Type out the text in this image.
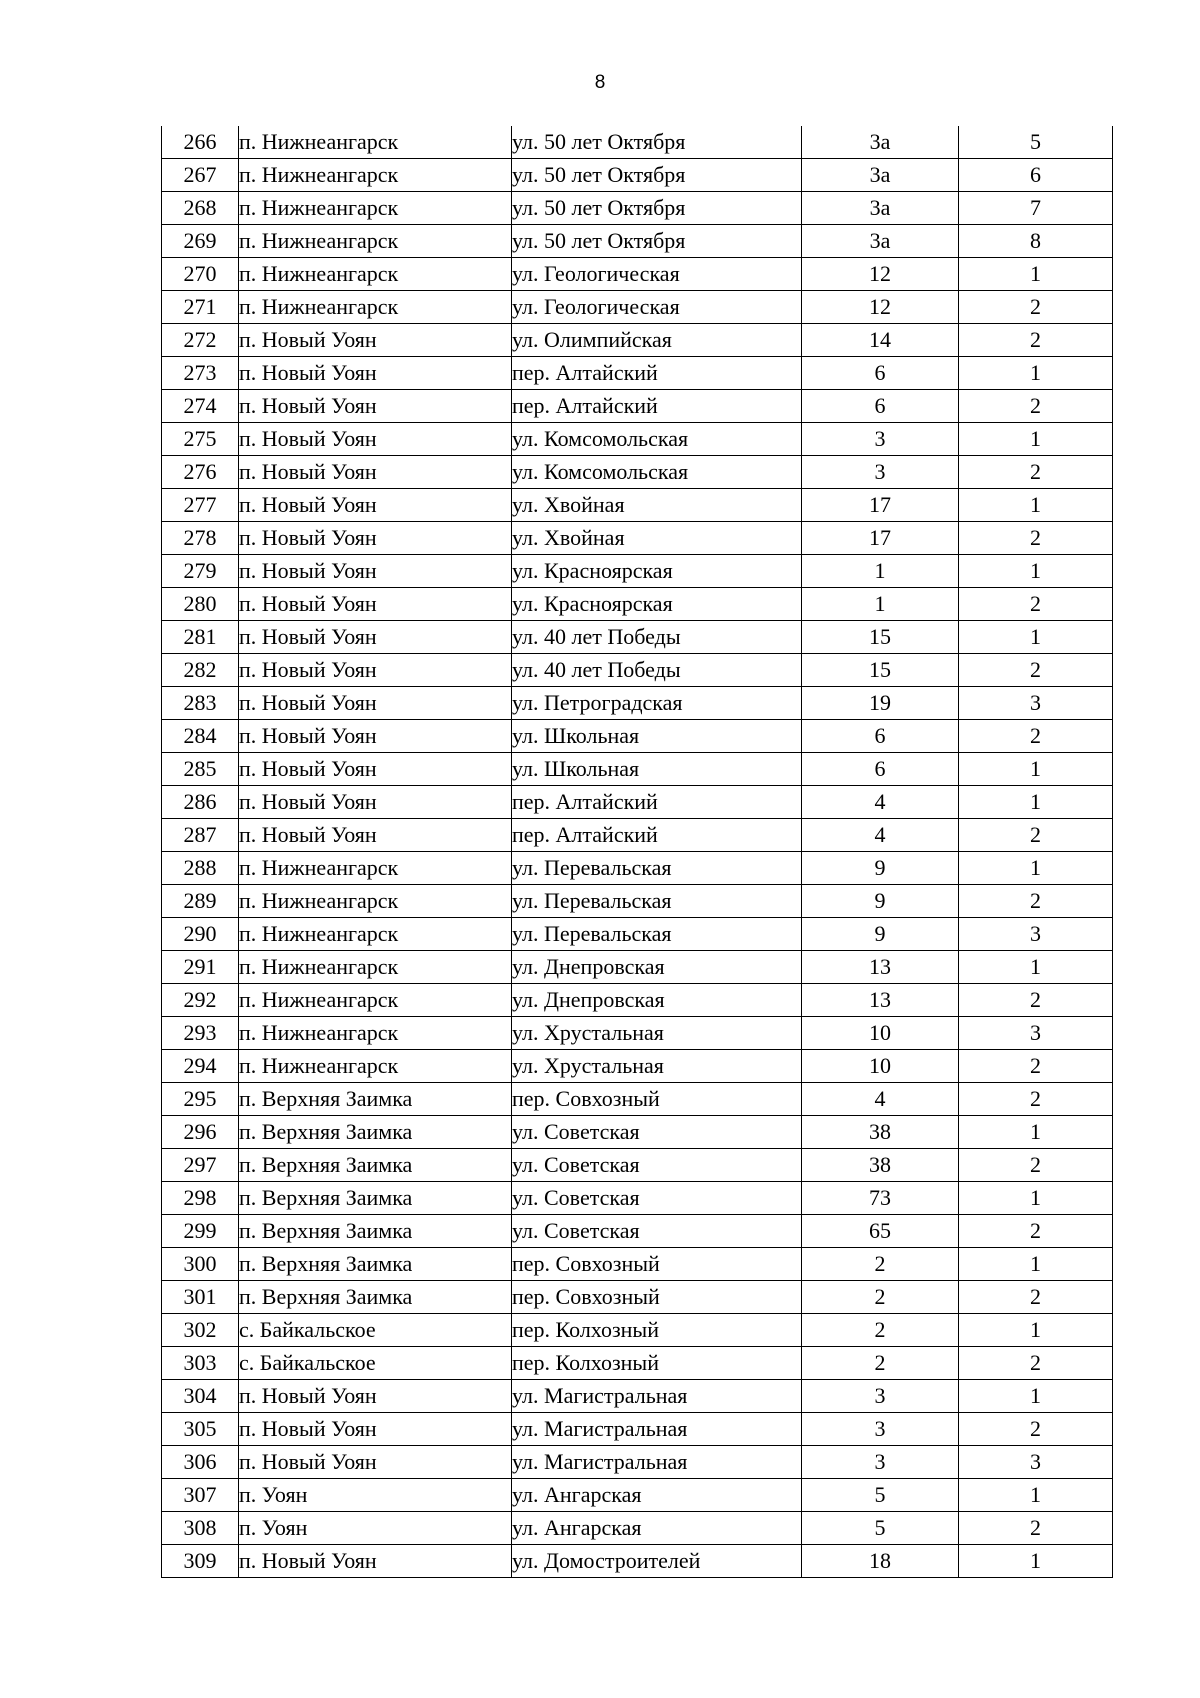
8
266	п. Нижнеангарск	ул. 50 лет Октября	3а	5
267	п. Нижнеангарск	ул. 50 лет Октября	3а	6
268	п. Нижнеангарск	ул. 50 лет Октября	3а	7
269	п. Нижнеангарск	ул. 50 лет Октября	3а	8
270	п. Нижнеангарск	ул. Геологическая	12	1
271	п. Нижнеангарск	ул. Геологическая	12	2
272	п. Новый Уоян	ул. Олимпийская	14	2
273	п. Новый Уоян	пер. Алтайский	6	1
274	п. Новый Уоян	пер. Алтайский	6	2
275	п. Новый Уоян	ул. Комсомольская	3	1
276	п. Новый Уоян	ул. Комсомольская	3	2
277	п. Новый Уоян	ул. Хвойная	17	1
278	п. Новый Уоян	ул. Хвойная	17	2
279	п. Новый Уоян	ул. Красноярская	1	1
280	п. Новый Уоян	ул. Красноярская	1	2
281	п. Новый Уоян	ул. 40 лет Победы	15	1
282	п. Новый Уоян	ул. 40 лет Победы	15	2
283	п. Новый Уоян	ул. Петроградская	19	3
284	п. Новый Уоян	ул. Школьная	6	2
285	п. Новый Уоян	ул. Школьная	6	1
286	п. Новый Уоян	пер. Алтайский	4	1
287	п. Новый Уоян	пер. Алтайский	4	2
288	п. Нижнеангарск	ул. Перевальская	9	1
289	п. Нижнеангарск	ул. Перевальская	9	2
290	п. Нижнеангарск	ул. Перевальская	9	3
291	п. Нижнеангарск	ул. Днепровская	13	1
292	п. Нижнеангарск	ул. Днепровская	13	2
293	п. Нижнеангарск	ул. Хрустальная	10	3
294	п. Нижнеангарск	ул. Хрустальная	10	2
295	п. Верхняя Заимка	пер. Совхозный	4	2
296	п. Верхняя Заимка	ул. Советская	38	1
297	п. Верхняя Заимка	ул. Советская	38	2
298	п. Верхняя Заимка	ул. Советская	73	1
299	п. Верхняя Заимка	ул. Советская	65	2
300	п. Верхняя Заимка	пер. Совхозный	2	1
301	п. Верхняя Заимка	пер. Совхозный	2	2
302	с. Байкальское	пер. Колхозный	2	1
303	с. Байкальское	пер. Колхозный	2	2
304	п. Новый Уоян	ул. Магистральная	3	1
305	п. Новый Уоян	ул. Магистральная	3	2
306	п. Новый Уоян	ул. Магистральная	3	3
307	п. Уоян	ул. Ангарская	5	1
308	п. Уоян	ул. Ангарская	5	2
309	п. Новый Уоян	ул. Домостроителей	18	1
